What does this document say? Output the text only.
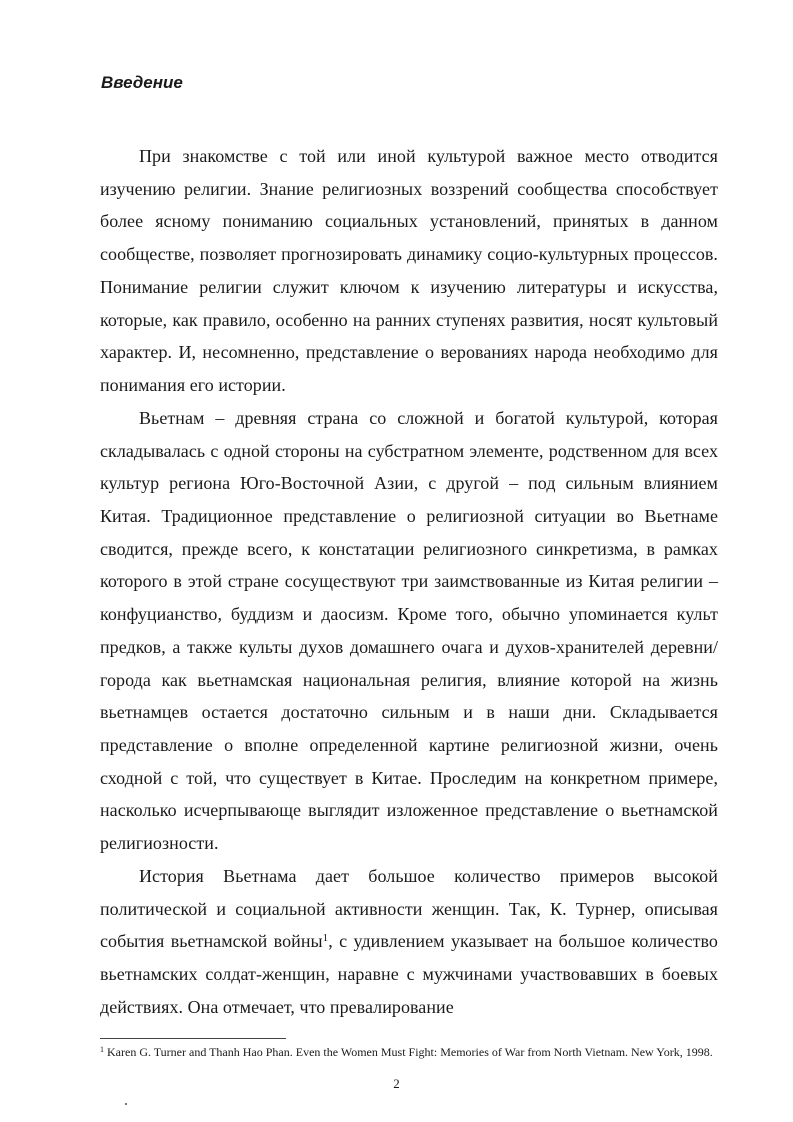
Введение

При знакомстве с той или иной культурой важное место отводится изучению религии. Знание религиозных воззрений сообщества способствует более ясному пониманию социальных установлений, принятых в данном сообществе, позволяет прогнозировать динамику социо-культурных процессов. Понимание религии служит ключом к изучению литературы и искусства, которые, как правило, особенно на ранних ступенях развития, носят культовый характер. И, несомненно, представление о верованиях народа необходимо для понимания его истории.

Вьетнам – древняя страна со сложной и богатой культурой, которая складывалась с одной стороны на субстратном элементе, родственном для всех культур региона Юго-Восточной Азии, с другой – под сильным влиянием Китая. Традиционное представление о религиозной ситуации во Вьетнаме сводится, прежде всего, к констатации религиозного синкретизма, в рамках которого в этой стране сосуществуют три заимствованные из Китая религии – конфуцианство, буддизм и даосизм. Кроме того, обычно упоминается культ предков, а также культы духов домашнего очага и духов-хранителей деревни/города как вьетнамская национальная религия, влияние которой на жизнь вьетнамцев остается достаточно сильным и в наши дни. Складывается представление о вполне определенной картине религиозной жизни, очень сходной с той, что существует в Китае. Проследим на конкретном примере, насколько исчерпывающе выглядит изложенное представление о вьетнамской религиозности.

История Вьетнама дает большое количество примеров высокой политической и социальной активности женщин. Так, К. Турнер, описывая события вьетнамской войны$^1$, с удивлением указывает на большое количество вьетнамских солдат-женщин, наравне с мужчинами участвовавших в боевых действиях. Она отмечает, что превалирование

$^1$ Karen G. Turner and Thanh Hao Phan. Even the Women Must Fight: Memories of War from North Vietnam. New York, 1998.

2
